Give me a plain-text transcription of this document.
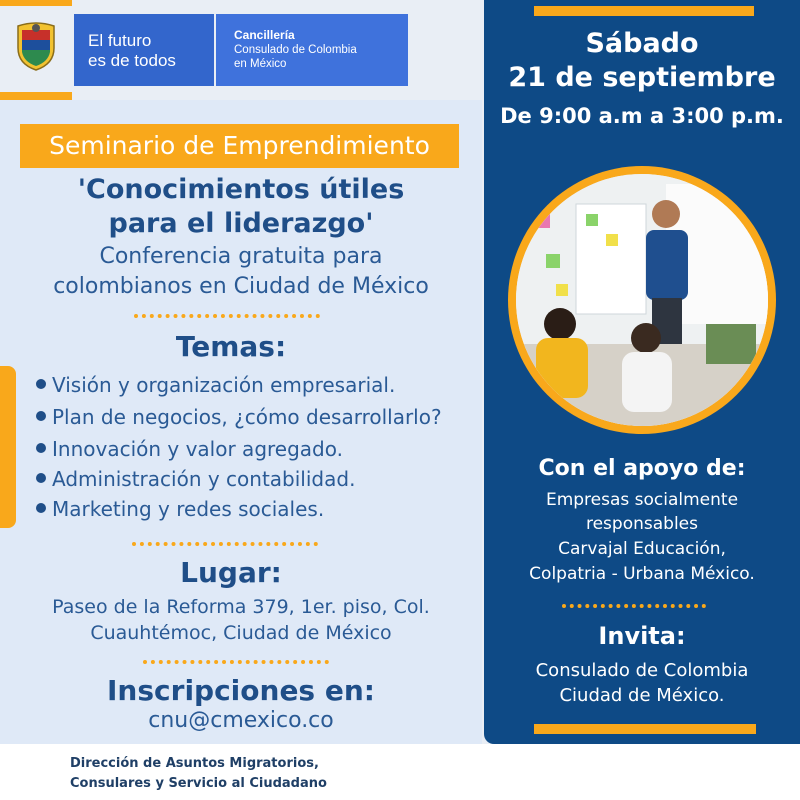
El futuro
es de todos
Cancillería
Consulado de Colombia
en México
Seminario de Emprendimiento
'Conocimientos útiles
para el liderazgo'
Conferencia gratuita para
colombianos en Ciudad de México
Temas:
Visión y organización empresarial.
Plan de negocios, ¿cómo desarrollarlo?
Innovación y valor agregado.
Administración y contabilidad.
Marketing y redes sociales.
Lugar:
Paseo de la Reforma 379, 1er. piso, Col.
Cuauhtémoc, Ciudad de México
Inscripciones en:
cnu@cmexico.co
Sábado
21 de septiembre
De 9:00 a.m a 3:00 p.m.
Con el apoyo de:
Empresas socialmente
responsables
Carvajal Educación,
Colpatria - Urbana México.
Invita:
Consulado de Colombia
Ciudad de México.
Dirección de Asuntos Migratorios,
Consulares y Servicio al Ciudadano
